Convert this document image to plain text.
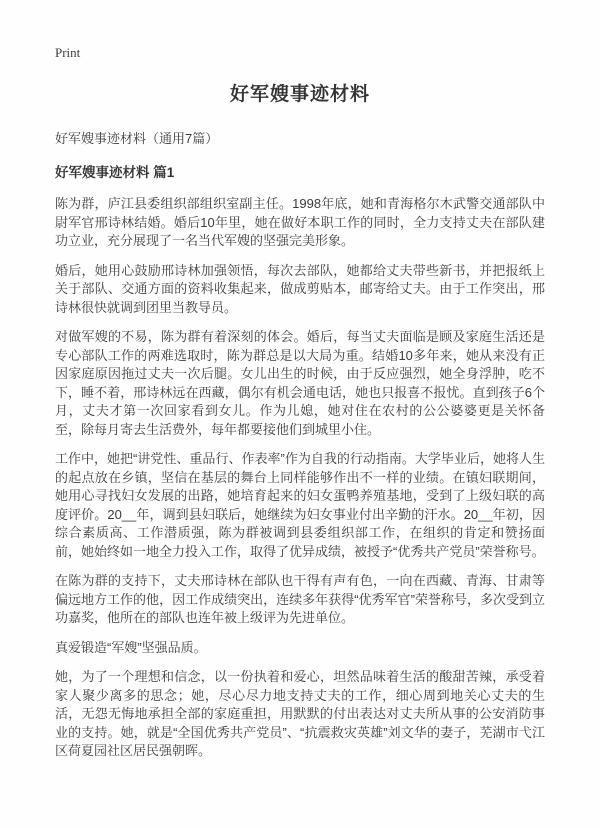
Print
好军嫂事迹材料
好军嫂事迹材料（通用7篇）
好军嫂事迹材料 篇1

陈为群，庐江县委组织部组织室副主任。1998年底，她和青海格尔木武警交通部队中尉军官邢诗林结婚。婚后10年里，她在做好本职工作的同时，全力支持丈夫在部队建功立业，充分展现了一名当代军嫂的坚强完美形象。

婚后，她用心鼓励邢诗林加强领悟，每次去部队，她都给丈夫带些新书，并把报纸上关于部队、交通方面的资料收集起来，做成剪贴本，邮寄给丈夫。由于工作突出，邢诗林很快就调到团里当教导员。

对做军嫂的不易，陈为群有着深刻的体会。婚后，每当丈夫面临是顾及家庭生活还是专心部队工作的两难选取时，陈为群总是以大局为重。结婚10多年来，她从来没有正因家庭原因拖过丈夫一次后腿。女儿出生的时候，由于反应强烈，她全身浮肿，吃不下，睡不着，邢诗林远在西藏，偶尔有机会通电话，她也只报喜不报忧。直到孩子6个月，丈夫才第一次回家看到女儿。作为儿媳，她对住在农村的公公婆婆更是关怀备至，除每月寄去生活费外，每年都要接他们到城里小住。

工作中，她把“讲党性、重品行、作表率”作为自我的行动指南。大学毕业后，她将人生的起点放在乡镇，坚信在基层的舞台上同样能够作出不一样的业绩。在镇妇联期间，她用心寻找妇女发展的出路，她培育起来的妇女蛋鸭养殖基地，受到了上级妇联的高度评价。20__年，调到县妇联后，她继续为妇女事业付出辛勤的汗水。20__年初，因综合素质高、工作潜质强，陈为群被调到县委组织部工作，在组织的肯定和赞扬面前，她始终如一地全力投入工作，取得了优异成绩，被授予“优秀共产党员”荣誉称号。

在陈为群的支持下，丈夫邢诗林在部队也干得有声有色，一向在西藏、青海、甘肃等偏远地方工作的他，因工作成绩突出，连续多年获得“优秀军官”荣誉称号，多次受到立功嘉奖，他所在的部队也连年被上级评为先进单位。

真爱锻造“军嫂”坚强品质。

她，为了一个理想和信念，以一份执着和爱心，坦然品味着生活的酸甜苦辣，承受着家人聚少离多的思念；她，尽心尽力地支持丈夫的工作，细心周到地关心丈夫的生活，无怨无悔地承担全部的家庭重担，用默默的付出表达对丈夫所从事的公安消防事业的支持。她，就是“全国优秀共产党员”、“抗震救灾英雄”刘文华的妻子，芜湖市弋江区荷夏园社区居民强朝晖。
